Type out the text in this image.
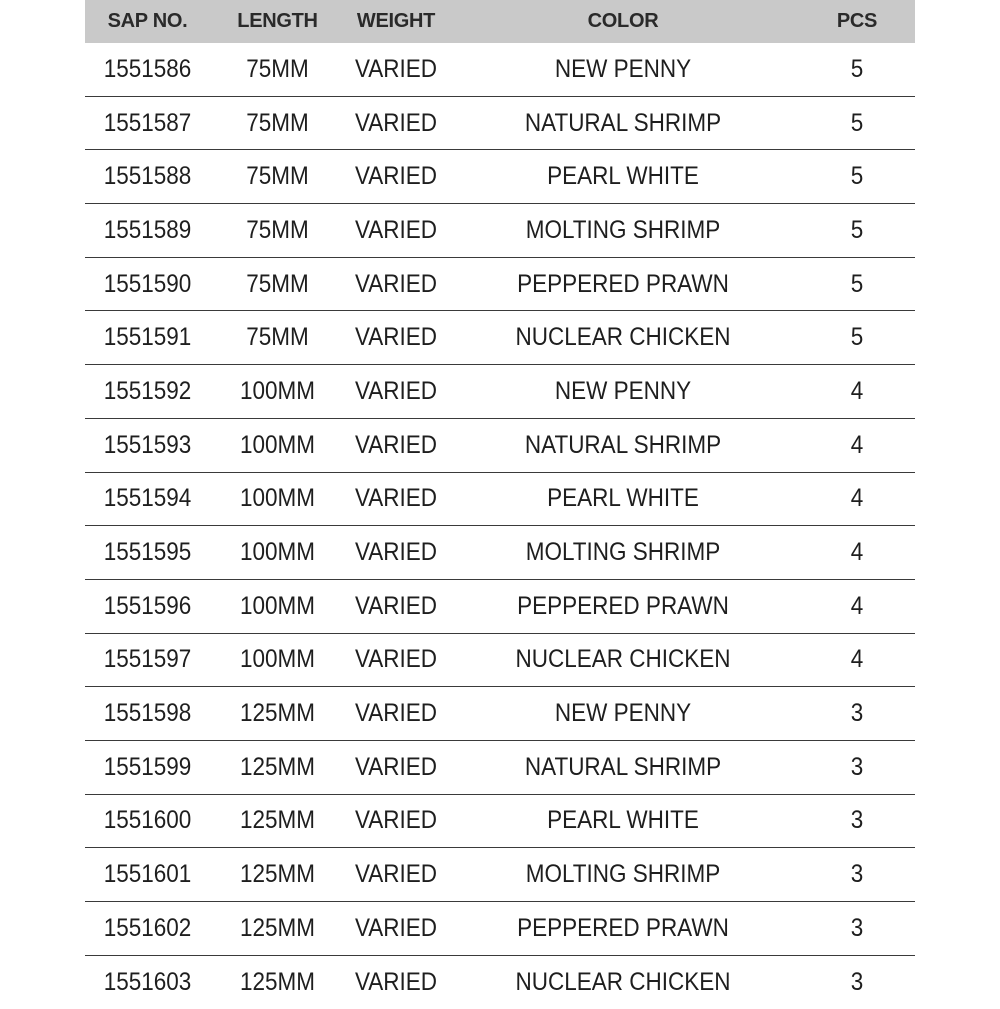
SAP NO.	LENGTH	WEIGHT	COLOR	PCS
1551586	75MM	VARIED	NEW PENNY	5
1551587	75MM	VARIED	NATURAL SHRIMP	5
1551588	75MM	VARIED	PEARL WHITE	5
1551589	75MM	VARIED	MOLTING SHRIMP	5
1551590	75MM	VARIED	PEPPERED PRAWN	5
1551591	75MM	VARIED	NUCLEAR CHICKEN	5
1551592	100MM	VARIED	NEW PENNY	4
1551593	100MM	VARIED	NATURAL SHRIMP	4
1551594	100MM	VARIED	PEARL WHITE	4
1551595	100MM	VARIED	MOLTING SHRIMP	4
1551596	100MM	VARIED	PEPPERED PRAWN	4
1551597	100MM	VARIED	NUCLEAR CHICKEN	4
1551598	125MM	VARIED	NEW PENNY	3
1551599	125MM	VARIED	NATURAL SHRIMP	3
1551600	125MM	VARIED	PEARL WHITE	3
1551601	125MM	VARIED	MOLTING SHRIMP	3
1551602	125MM	VARIED	PEPPERED PRAWN	3
1551603	125MM	VARIED	NUCLEAR CHICKEN	3
